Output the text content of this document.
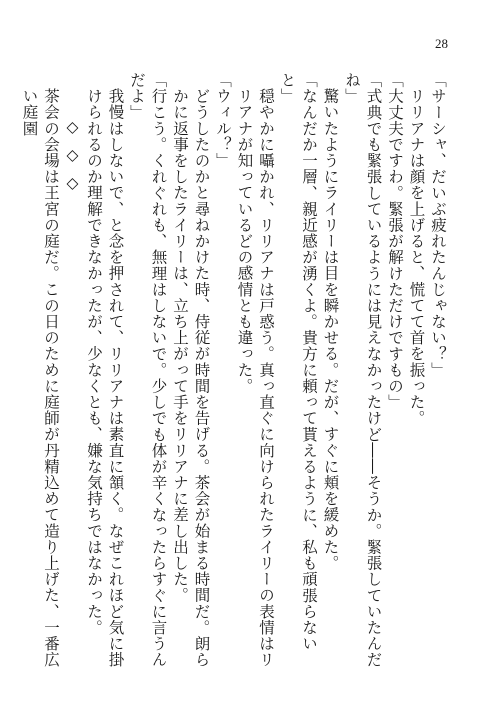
28

「サーシャ、だいぶ疲れたんじゃない？」

リリアナは顔を上げると、慌てて首を振った。

「大丈夫ですわ。緊張が解けただけですもの」

「式典でも緊張しているようには見えなかったけど――そうか。緊張していたんだね」

驚いたようにライリーは目を瞬かせる。だが、すぐに頬を緩めた。

「なんだか一層、親近感が湧くよ。貴方に頼って貰えるように、私も頑張らないと」

穏やかに囁かれ、リリアナは戸惑う。真っ直ぐに向けられたライリーの表情はリリアナが知っているどの感情とも違った。

「ウィル？」

どうしたのかと尋ねかけた時、侍従が時間を告げる。茶会が始まる時間だ。朗らかに返事をしたライリーは、立ち上がって手をリリアナに差し出した。

「行こう。くれぐれも、無理はしないで。少しでも体が辛くなったらすぐに言うんだよ」

我慢はしないで、と念を押されて、リリアナは素直に頷く。なぜこれほど気に掛けられるのか理解できなかったが、少なくとも、嫌な気持ちではなかった。

◇◇◇

茶会の会場は王宮の庭だ。この日のために庭師が丹精込めて造り上げた、一番広い庭園
